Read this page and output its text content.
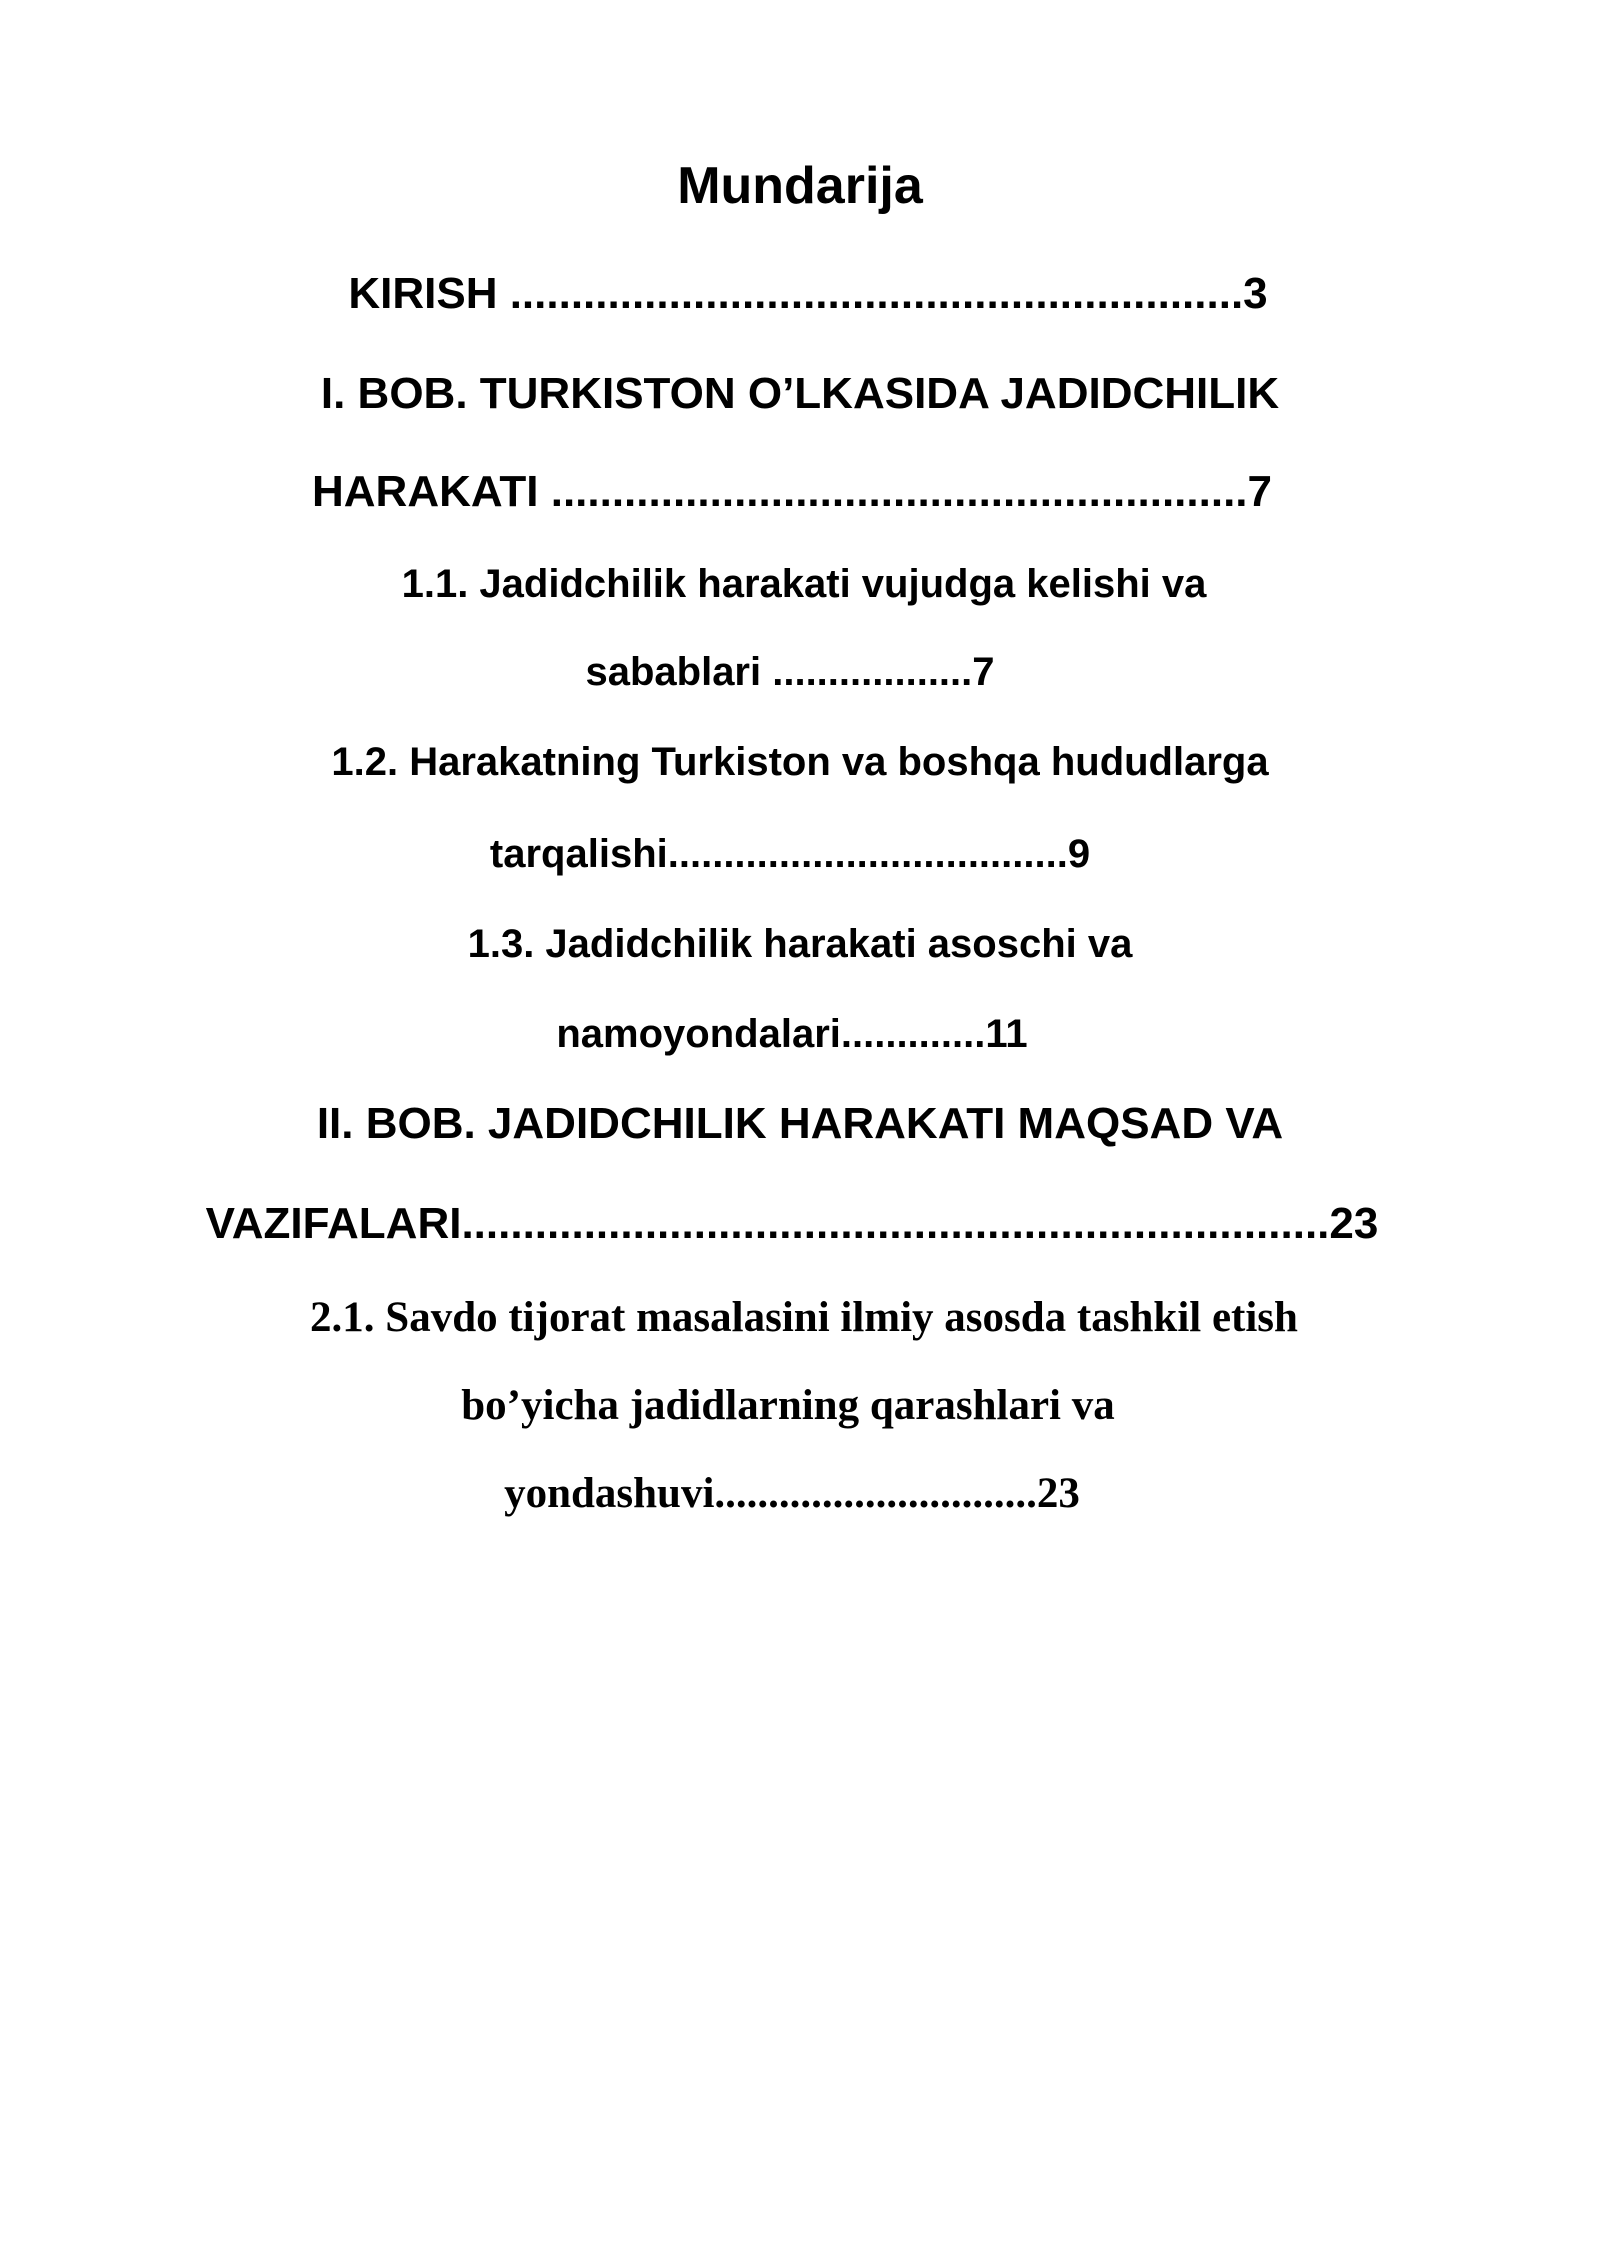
Mundarija
KIRISH ............................................................3
I. BOB. TURKISTON O’LKASIDA JADIDCHILIK
HARAKATI .........................................................7
1.1. Jadidchilik harakati vujudga kelishi va
sabablari ..................7
1.2. Harakatning Turkiston va boshqa hududlarga
tarqalishi....................................9
1.3. Jadidchilik harakati asoschi va
namoyondalari.............11
II. BOB. JADIDCHILIK HARAKATI MAQSAD VA
VAZIFALARI.......................................................................23
2.1. Savdo tijorat masalasini ilmiy asosda tashkil etish
bo’yicha jadidlarning qarashlari va
yondashuvi..............................23
